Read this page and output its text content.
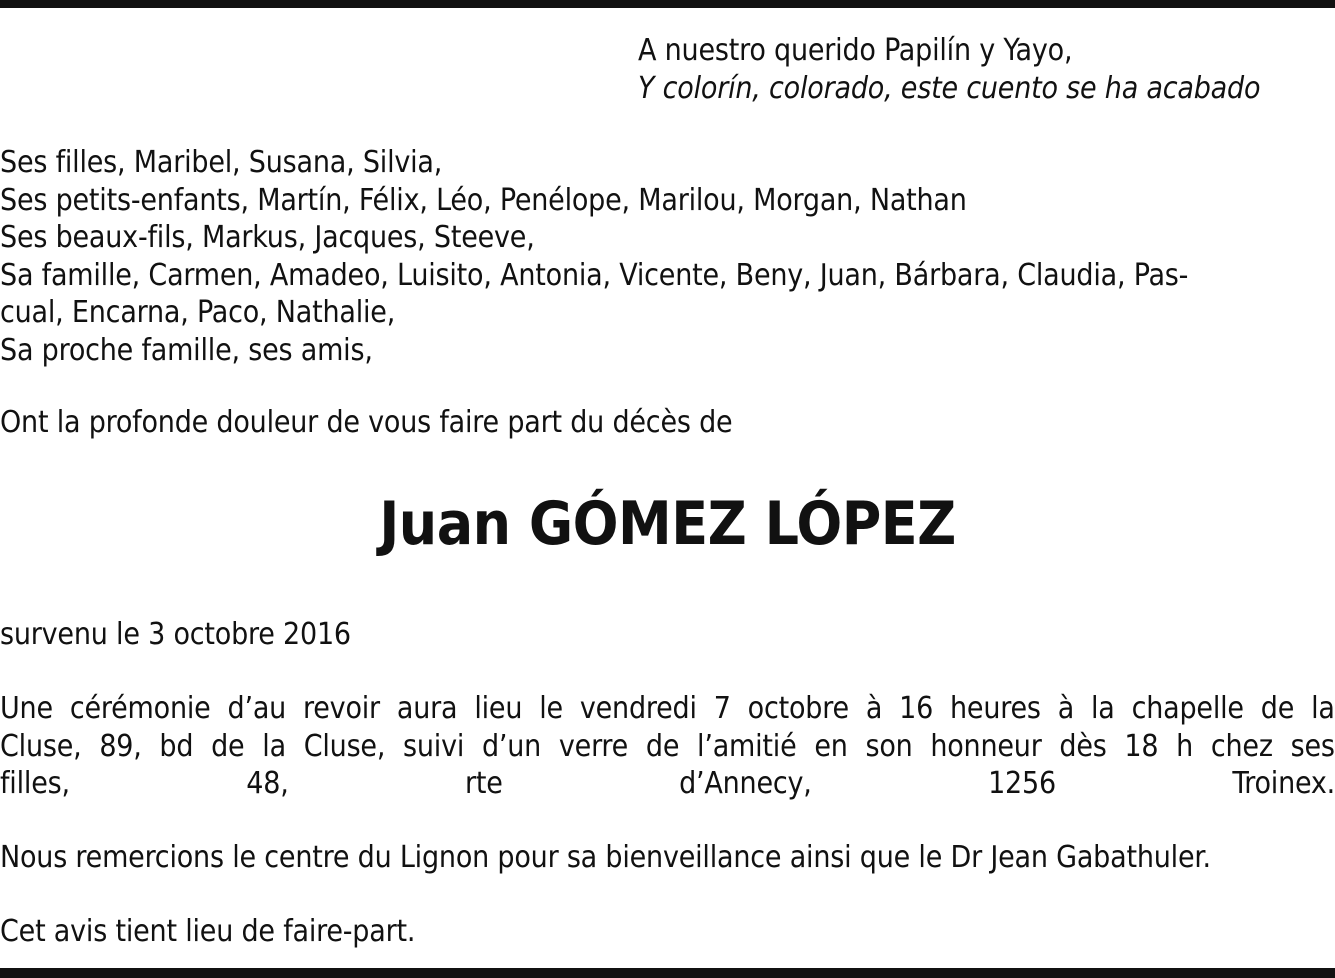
A nuestro querido Papilín y Yayo,
Y colorín, colorado, este cuento se ha acabado
Ses filles, Maribel, Susana, Silvia,
Ses petits-enfants, Martín, Félix, Léo, Penélope, Marilou, Morgan, Nathan
Ses beaux-fils, Markus, Jacques, Steeve,
Sa famille, Carmen, Amadeo, Luisito, Antonia, Vicente, Beny, Juan, Bárbara, Claudia, Pas-
cual, Encarna, Paco, Nathalie,
Sa proche famille, ses amis,
Ont la profonde douleur de vous faire part du décès de
Juan GÓMEZ LÓPEZ
survenu le 3 octobre 2016
Une cérémonie d’au revoir aura lieu le vendredi 7 octobre à 16 heures à la chapelle de la
Cluse, 89, bd de la Cluse, suivi d’un verre de l’amitié en son honneur dès 18 h chez ses
filles, 48, rte d’Annecy, 1256 Troinex.
Nous remercions le centre du Lignon pour sa bienveillance ainsi que le Dr Jean Gabathuler.
Cet avis tient lieu de faire-part.
